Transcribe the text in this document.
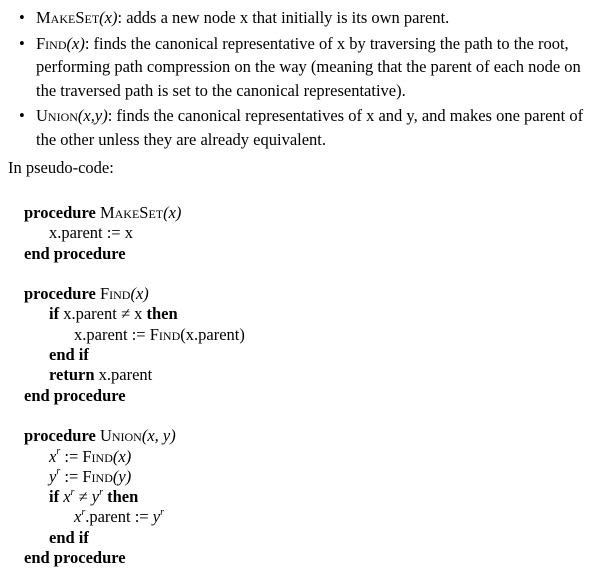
• MakeSet(x): adds a new node x that initially is its own parent.
• Find(x): finds the canonical representative of x by traversing the path to the root, performing path compression on the way (meaning that the parent of each node on the traversed path is set to the canonical representative).
• Union(x,y): finds the canonical representatives of x and y, and makes one parent of the other unless they are already equivalent.
In pseudo-code:
procedure MakeSet(x)
x.parent := x
end procedure
procedure Find(x)
if x.parent ≠ x then
x.parent := Find(x.parent)
end if
return x.parent
end procedure
procedure Union(x, y)
$x^r$ := Find(x)
$y^r$ := Find(y)
if $x^r \ne y^r$ then
$x^r.parent$ := $y^r$
end if
end procedure
